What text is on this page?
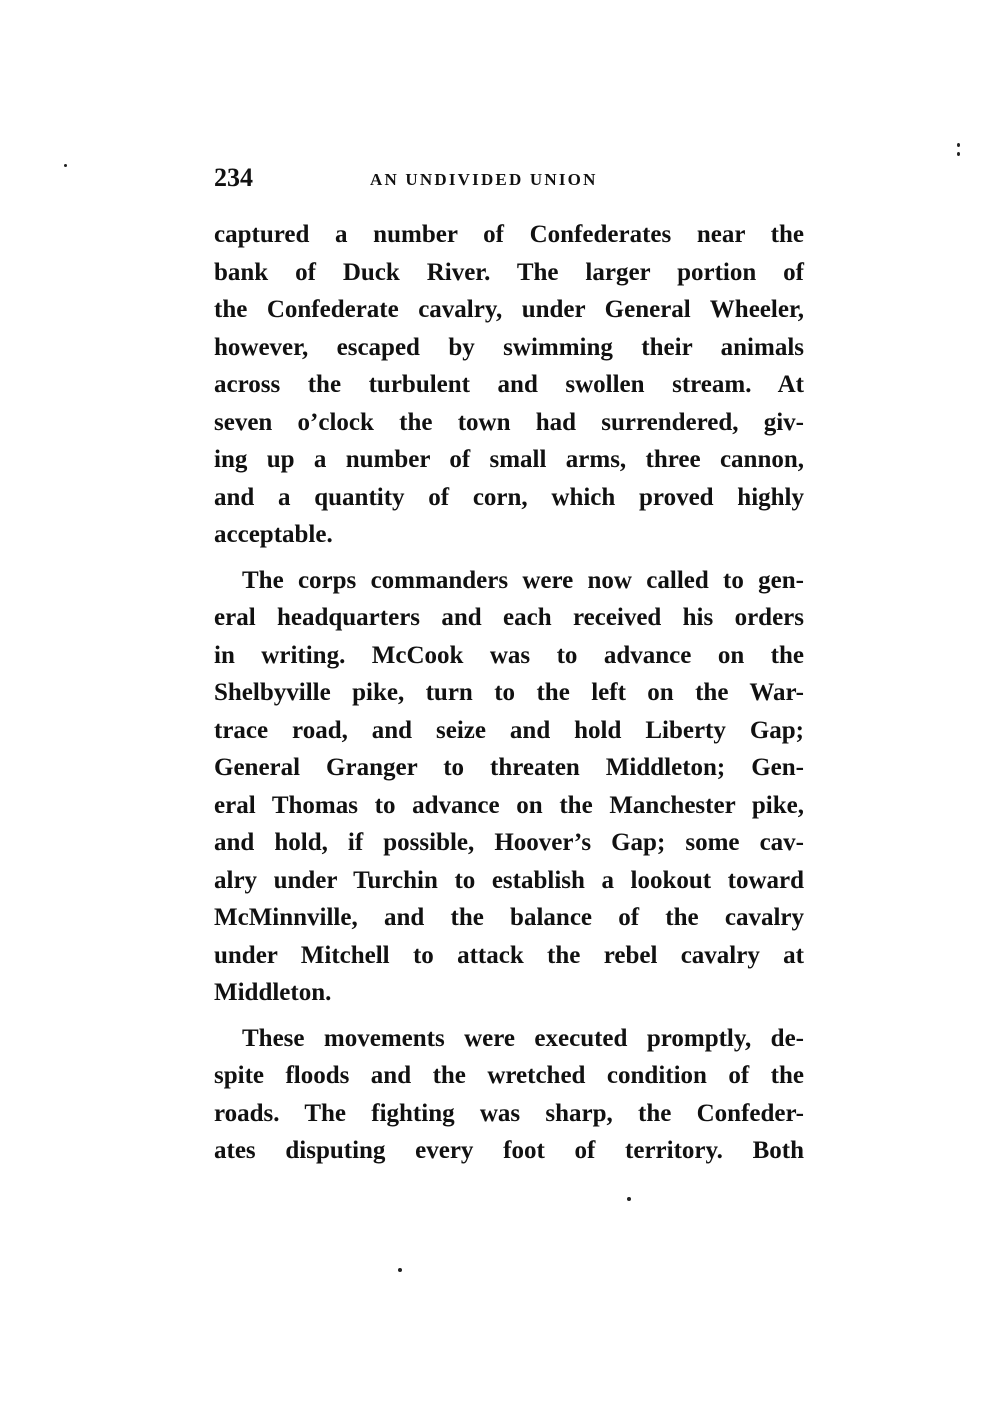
234	AN UNDIVIDED UNION
captured a number of Confederates near the
bank of Duck River. The larger portion of
the Confederate cavalry, under General Wheeler,
however, escaped by swimming their animals
across the turbulent and swollen stream. At
seven o’clock the town had surrendered, giv-
ing up a number of small arms, three cannon,
and a quantity of corn, which proved highly
acceptable.
The corps commanders were now called to gen-
eral headquarters and each received his orders
in writing. McCook was to advance on the
Shelbyville pike, turn to the left on the War-
trace road, and seize and hold Liberty Gap;
General Granger to threaten Middleton; Gen-
eral Thomas to advance on the Manchester pike,
and hold, if possible, Hoover’s Gap; some cav-
alry under Turchin to establish a lookout toward
McMinnville, and the balance of the cavalry
under Mitchell to attack the rebel cavalry at
Middleton.
These movements were executed promptly, de-
spite floods and the wretched condition of the
roads. The fighting was sharp, the Confeder-
ates disputing every foot of territory. Both
